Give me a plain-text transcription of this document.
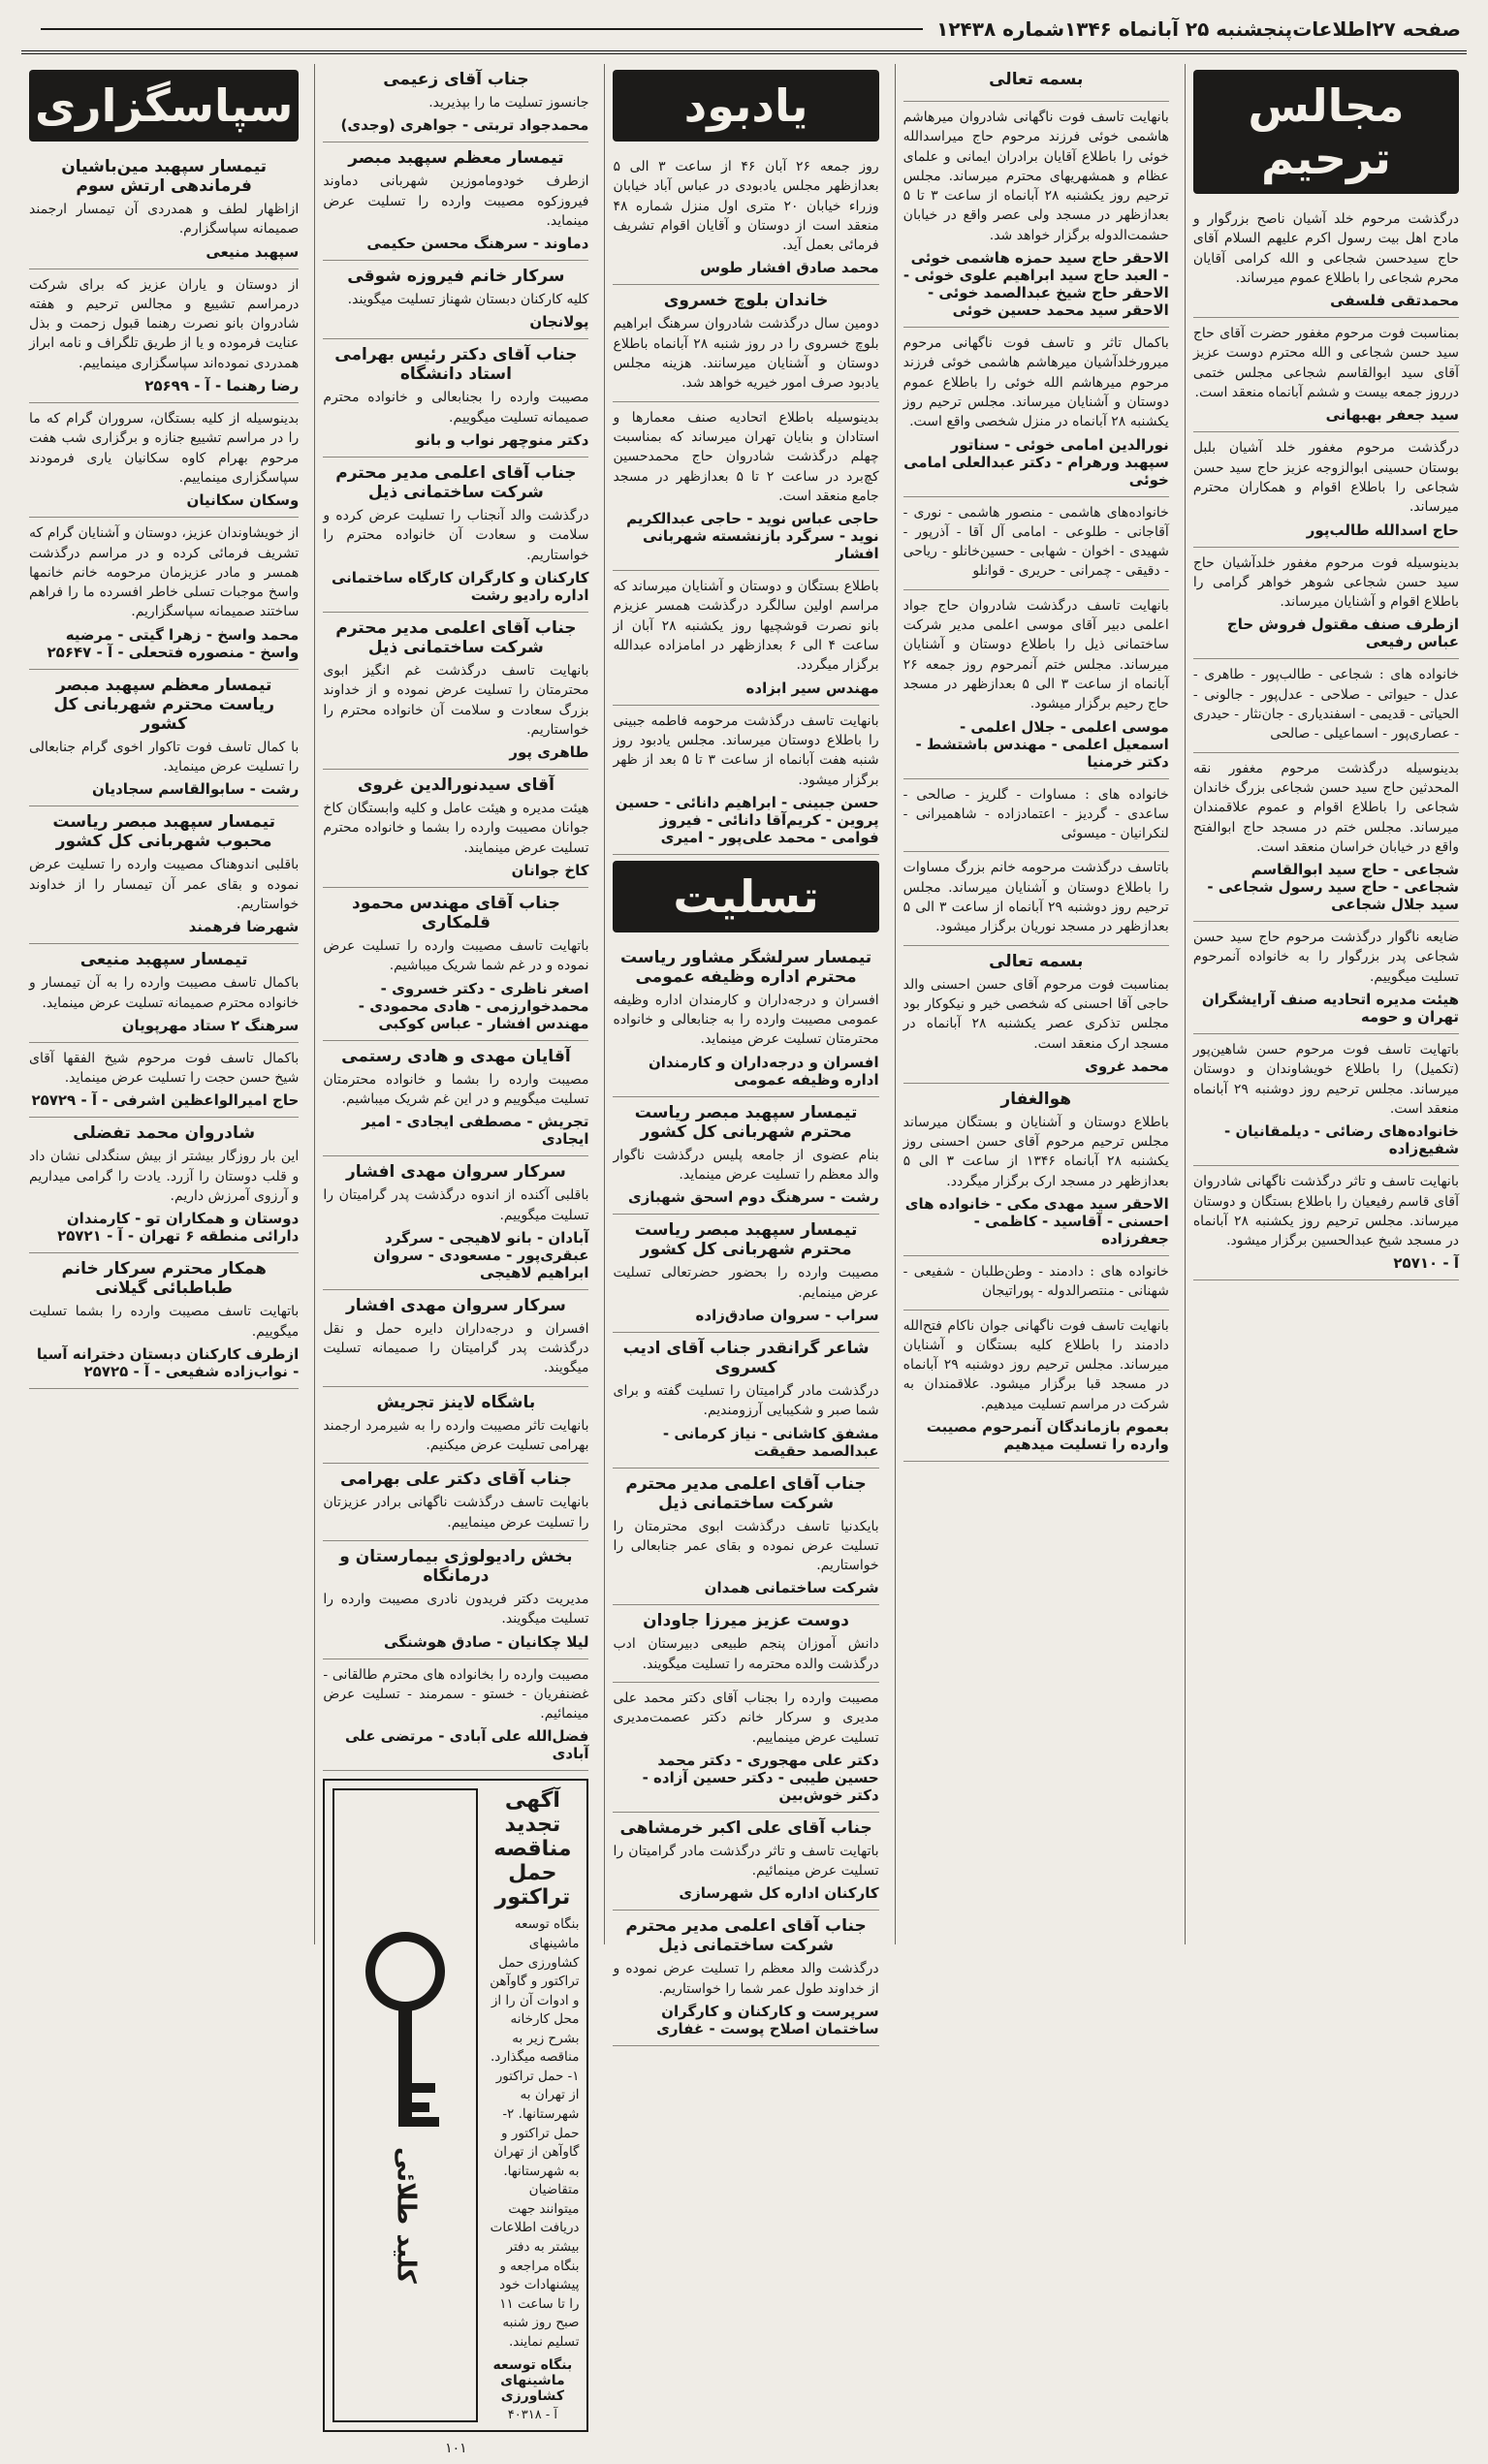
صفحه ۲۷
اطلاعات
پنجشنبه ۲۵ آبانماه ۱۳۴۶
شماره ۱۲۴۳۸
مجالس ترحیم

درگذشت مرحوم خلد آشیان ناصح بزرگوار و مادح اهل بیت رسول اکرم علیهم السلام آقای حاج سیدحسن شجاعی و الله کرامی آقایان محرم شجاعی را باطلاع عموم میرساند.

محمدتقی فلسفی

بمناسبت فوت مرحوم مغفور حضرت آقای حاج سید حسن شجاعی و الله محترم دوست عزیز آقای سید ابوالقاسم شجاعی مجلس ختمی درروز جمعه بیست و ششم آبانماه منعقد است.

سید جعفر بهبهانی

درگذشت مرحوم مغفور خلد آشیان بلبل بوستان حسینی ابوالزوجه عزیز حاج سید حسن شجاعی را باطلاع اقوام و همکاران محترم میرساند.

حاج اسدالله طالب‌پور

بدینوسیله فوت مرحوم مغفور خلدآشیان حاج سید حسن شجاعی شوهر خواهر گرامی را باطلاع اقوام و آشنایان میرساند.

ازطرف صنف مقتول فروش حاج عباس رفیعی

خانواده های : شجاعی - طالب‌پور - طاهری - عدل - حیواتی - صلاحی - عدل‌پور - جالونی - الحیاتی - قدیمی - اسفندیاری - جان‌نثار - حیدری - عصاری‌پور - اسماعیلی - صالحی

بدینوسیله درگذشت مرحوم مغفور نقه المحدثین حاج سید حسن شجاعی بزرگ خاندان شجاعی را باطلاع اقوام و عموم علاقمندان میرساند. مجلس ختم در مسجد حاج ابوالفتح واقع در خیابان خراسان منعقد است.

شجاعی - حاج سید ابوالقاسم شجاعی - حاج سید رسول شجاعی - سید جلال شجاعی

ضایعه ناگوار درگذشت مرحوم حاج سید حسن شجاعی پدر بزرگوار را به خانواده آنمرحوم تسلیت میگوییم.

هیئت مدیره اتحادیه صنف آرایشگران تهران و حومه

باتهایت تاسف فوت مرحوم حسن شاهین‌پور (تکمیل) را باطلاع خویشاوندان و دوستان میرساند. مجلس ترحیم روز دوشنبه ۲۹ آبانماه منعقد است.

خانواده‌های رضائی - دیلمقانیان - شفیع‌زاده

بانهایت تاسف و تاثر درگذشت ناگهانی شادروان آقای قاسم رفیعیان را باطلاع بستگان و دوستان میرساند. مجلس ترحیم روز یکشنبه ۲۸ آبانماه در مسجد شیخ عبدالحسین برگزار میشود.

آ - ۲۵۷۱۰
بسمه تعالی

بانهایت تاسف فوت ناگهانی شادروان میرهاشم هاشمی خوئی فرزند مرحوم حاج میراسدالله خوئی را باطلاع آقایان برادران ایمانی و علمای عظام و همشهریهای محترم میرساند. مجلس ترحیم روز یکشنبه ۲۸ آبانماه از ساعت ۳ تا ۵ بعدازظهر در مسجد ولی عصر واقع در خیابان حشمت‌الدوله برگزار خواهد شد.

الاحقر حاج سید حمزه هاشمی خوئی - العبد حاج سید ابراهیم علوی خوئی - الاحقر حاج شیخ عبدالصمد خوئی - الاحقر سید محمد حسین خوئی

باکمال تاثر و تاسف فوت ناگهانی مرحوم میرورخلدآشیان میرهاشم هاشمی خوئی فرزند مرحوم میرهاشم الله خوئی را باطلاع عموم دوستان و آشنایان میرساند. مجلس ترحیم روز یکشنبه ۲۸ آبانماه در منزل شخصی واقع است.

نورالدین امامی خوئی - سناتور سپهبد ورهرام - دکتر عبدالعلی امامی خوئی

خانواده‌های هاشمی - منصور هاشمی - نوری - آقاجانی - طلوعی - امامی آل آقا - آذرپور - شهیدی - اخوان - شهابی - حسین‌خانلو - ریاحی - دقیقی - چمرانی - حریری - قوانلو

بانهایت تاسف درگذشت شادروان حاج جواد اعلمی دبیر آقای موسی اعلمی مدیر شرکت ساختمانی ذیل را باطلاع دوستان و آشنایان میرساند. مجلس ختم آنمرحوم روز جمعه ۲۶ آبانماه از ساعت ۳ الی ۵ بعدازظهر در مسجد حاج رحیم برگزار میشود.

موسی اعلمی - جلال اعلمی - اسمعیل اعلمی - مهندس باشتشط - دکتر خرمنیا

خانواده های : مساوات - گلریز - صالحی - ساعدی - گردیز - اعتمادزاده - شاهمیرانی - لنکرانیان - میسوئی

باتاسف درگذشت مرحومه خانم بزرگ مساوات را باطلاع دوستان و آشنایان میرساند. مجلس ترحیم روز دوشنبه ۲۹ آبانماه از ساعت ۳ الی ۵ بعدازظهر در مسجد نوریان برگزار میشود.

بسمه تعالی

بمناسبت فوت مرحوم آقای حسن احسنی والد حاجی آقا احسنی که شخصی خیر و نیکوکار بود مجلس تذکری عصر یکشنبه ۲۸ آبانماه در مسجد ارک منعقد است.

محمد غروی
هوالغفار

باطلاع دوستان و آشنایان و بستگان میرساند مجلس ترحیم مرحوم آقای حسن احسنی روز یکشنبه ۲۸ آبانماه ۱۳۴۶ از ساعت ۳ الی ۵ بعدازظهر در مسجد ارک برگزار میگردد.

الاحقر سید مهدی مکی - خانواده های احسنی - آقاسید - کاظمی - جعفرزاده

خانواده های : دادمند - وطن‌طلبان - شفیعی - شهنانی - منتصرالدوله - پوراتیجان

بانهایت تاسف فوت ناگهانی جوان ناکام فتح‌الله دادمند را باطلاع کلیه بستگان و آشنایان میرساند. مجلس ترحیم روز دوشنبه ۲۹ آبانماه در مسجد قبا برگزار میشود. علاقمندان به شرکت در مراسم تسلیت میدهیم.

بعموم بازماندگان آنمرحوم مصیبت وارده را تسلیت میدهیم
یادبود

روز جمعه ۲۶ آبان ۴۶ از ساعت ۳ الی ۵ بعدازظهر مجلس یادبودی در عباس آباد خیابان وزراء خیابان ۲۰ متری اول منزل شماره ۴۸ منعقد است از دوستان و آقایان اقوام تشریف فرمائی بعمل آید.

محمد صادق افشار طوس
خاندان بلوچ خسروی

دومین سال درگذشت شادروان سرهنگ ابراهیم بلوچ خسروی را در روز شنبه ۲۸ آبانماه باطلاع دوستان و آشنایان میرسانند. هزینه مجلس یادبود صرف امور خیریه خواهد شد.

بدینوسیله باطلاع اتحادیه صنف معمارها و استادان و بنایان تهران میرساند که بمناسبت چهلم درگذشت شادروان حاج محمدحسین کچ‌برد در ساعت ۲ تا ۵ بعدازظهر در مسجد جامع منعقد است.

حاجی عباس نوید - حاجی عبدالکریم نوید - سرگرد بازنشسته شهربانی افشار

باطلاع بستگان و دوستان و آشنایان میرساند که مراسم اولین سالگرد درگذشت همسر عزیزم بانو نصرت قوشچیها روز یکشنبه ۲۸ آبان از ساعت ۴ الی ۶ بعدازظهر در امامزاده عبدالله برگزار میگردد.

مهندس سیر ابزاده

بانهایت تاسف درگذشت مرحومه فاطمه جبینی را باطلاع دوستان میرساند. مجلس یادبود روز شنبه هفت آبانماه از ساعت ۳ تا ۵ بعد از ظهر برگزار میشود.

حسن جبینی - ابراهیم دانائی - حسین پروین - کریم‌آقا دانائی - فیروز فوامی - محمد علی‌پور - امیری
تسلیت
تیمسار سرلشگر مشاور ریاست محترم اداره وظیفه عمومی

افسران و درجه‌داران و کارمندان اداره وظیفه عمومی مصیبت وارده را به جنابعالی و خانواده محترمتان تسلیت عرض مینماید.

افسران و درجه‌داران و کارمندان اداره وظیفه عمومی
تیمسار سپهبد مبصر ریاست محترم شهربانی کل کشور

بنام عضوی از جامعه پلیس درگذشت ناگوار والد معظم را تسلیت عرض مینماید.

رشت - سرهنگ دوم اسحق شهبازی
تیمسار سپهبد مبصر ریاست محترم شهربانی کل کشور

مصیبت وارده را بحضور حضرتعالی تسلیت عرض مینمایم.

سراب - سروان صادق‌زاده
شاعر گرانقدر جناب آقای ادیب کسروی

درگذشت مادر گرامیتان را تسلیت گفته و برای شما صبر و شکیبایی آرزومندیم.

مشفق کاشانی - نیاز کرمانی - عبدالصمد حقیقت
جناب آقای اعلمی مدیر محترم شرکت ساختمانی ذیل

بایکدنیا تاسف درگذشت ابوی محترمتان را تسلیت عرض نموده و بقای عمر جنابعالی را خواستاریم.

شرکت ساختمانی همدان
دوست عزیز میرزا جاودان

دانش آموزان پنجم طبیعی دبیرستان ادب درگذشت والده محترمه را تسلیت میگویند.

مصیبت وارده را بجناب آقای دکتر محمد علی مدیری و سرکار خانم دکتر عصمت‌مدیری تسلیت عرض مینماییم.

دکتر علی مهجوری - دکتر محمد حسین طیبی - دکتر حسین آزاده - دکتر خوش‌بین
جناب آقای علی اکبر خرمشاهی

باتهایت تاسف و تاثر درگذشت مادر گرامیتان را تسلیت عرض مینمائیم.

کارکنان اداره کل شهرسازی
جناب آقای اعلمی مدیر محترم شرکت ساختمانی ذیل

درگذشت والد معظم را تسلیت عرض نموده و از خداوند طول عمر شما را خواستاریم.

سرپرست و کارکنان و کارگران ساختمان اصلاح پوست - غفاری
جناب آقای زعیمی

جانسوز تسلیت ما را بپذیرید.

محمدجواد تربتی - جواهری (وجدی)
تیمسار معظم سپهبد مبصر

ازطرف خودوماموزین شهربانی دماوند فیروزکوه مصیبت وارده را تسلیت عرض مینماید.

دماوند - سرهنگ محسن حکیمی
سرکار خانم فیروزه شوقی

کلیه کارکنان دبستان شهناز تسلیت میگویند.

پولانجان
جناب آقای دکتر رئیس بهرامی استاد دانشگاه

مصیبت وارده را بجنابعالی و خانواده محترم صمیمانه تسلیت میگوییم.

دکتر منوچهر نواب و بانو
جناب آقای اعلمی مدیر محترم شرکت ساختمانی ذیل

درگذشت والد آنجناب را تسلیت عرض کرده و سلامت و سعادت آن خانواده محترم را خواستاریم.

کارکنان و کارگران کارگاه ساختمانی اداره رادیو رشت
جناب آقای اعلمی مدیر محترم شرکت ساختمانی ذیل

بانهایت تاسف درگذشت غم انگیز ابوی محترمتان را تسلیت عرض نموده و از خداوند بزرگ سعادت و سلامت آن خانواده محترم را خواستاریم.

طاهری پور
آقای سیدنورالدین غروی

هیئت مدیره و هیئت عامل و کلیه وابستگان کاخ جوانان مصیبت وارده را بشما و خانواده محترم تسلیت عرض مینمایند.

کاخ جوانان
جناب آقای مهندس محمود قلمکاری

باتهایت تاسف مصیبت وارده را تسلیت عرض نموده و در غم شما شریک میباشیم.

اصغر ناظری - دکتر خسروی - محمدخوارزمی - هادی محمودی - مهندس افشار - عباس کوکبی
آقایان مهدی و هادی رستمی

مصیبت وارده را بشما و خانواده محترمتان تسلیت میگوییم و در این غم شریک میباشیم.

تجریش - مصطفی ایجادی - امیر ایجادی
سرکار سروان مهدی افشار

باقلبی آکنده از اندوه درگذشت پدر گرامیتان را تسلیت میگوییم.

آبادان - بانو لاهیجی - سرگرد عبقری‌پور - مسعودی - سروان ابراهیم لاهیجی
سرکار سروان مهدی افشار

افسران و درجه‌داران دایره حمل و نقل درگذشت پدر گرامیتان را صمیمانه تسلیت میگویند.

باشگاه لاینز تجریش

بانهایت تاثر مصیبت وارده را به شیرمرد ارجمند بهرامی تسلیت عرض میکنیم.

جناب آقای دکتر علی بهرامی

بانهایت تاسف درگذشت ناگهانی برادر عزیزتان را تسلیت عرض مینماییم.

بخش رادیولوژی بیمارستان و درمانگاه

مدیریت دکتر فریدون نادری مصیبت وارده را تسلیت میگویند.

لیلا چکانیان - صادق هوشنگی

مصیبت وارده را بخانواده های محترم طالقانی - غضنفریان - خستو - سمرمند - تسلیت عرض مینمائیم.

فضل‌الله علی آبادی - مرتضی علی آبادی
آگهی تجدید مناقصه حمل تراکتور

بنگاه توسعه ماشینهای کشاورزی حمل تراکتور و گاوآهن و ادوات آن را از محل کارخانه بشرح زیر به مناقصه میگذارد. ۱- حمل تراکتور از تهران به شهرستانها. ۲- حمل تراکتور و گاوآهن از تهران به شهرستانها. متقاضیان میتوانند جهت دریافت اطلاعات بیشتر به دفتر بنگاه مراجعه و پیشنهادات خود را تا ساعت ۱۱ صبح روز شنبه تسلیم نمایند.

بنگاه توسعه ماشینهای کشاورزی
آ - ۴۰۳۱۸
کلید طلائی
۱۰۱
سپاسگزاری
تیمسار سپهبد مین‌باشیان فرماندهی ارتش سوم

ازاظهار لطف و همدردی آن تیمسار ارجمند صمیمانه سپاسگزارم.

سپهبد منیعی

از دوستان و یاران عزیز که برای شرکت درمراسم تشییع و مجالس ترحیم و هفته شادروان بانو نصرت رهنما قبول زحمت و بذل عنایت فرموده و یا از طریق تلگراف و نامه ابراز همدردی نموده‌اند سپاسگزاری مینماییم.

رضا رهنما - آ - ۲۵۶۹۹

بدینوسیله از کلیه بستگان، سروران گرام که ما را در مراسم تشییع جنازه و برگزاری شب هفت مرحوم بهرام کاوه سکانیان یاری فرمودند سپاسگزاری مینماییم.

وسکان سکانیان

از خویشاوندان عزیز، دوستان و آشنایان گرام که تشریف فرمائی کرده و در مراسم درگذشت همسر و مادر عزیزمان مرحومه خانم خانمها واسخ موجبات تسلی خاطر افسرده ما را فراهم ساختند صمیمانه سپاسگزاریم.

محمد واسخ - زهرا گیتی - مرضیه واسخ - منصوره فتحعلی - آ - ۲۵۶۴۷
تیمسار معظم سپهبد مبصر ریاست محترم شهربانی کل کشور

با کمال تاسف فوت تاکوار اخوی گرام جنابعالی را تسلیت عرض مینماید.

رشت - سابوالقاسم سجادیان
تیمسار سپهبد مبصر ریاست محبوب شهربانی کل کشور

باقلبی اندوهناک مصیبت وارده را تسلیت عرض نموده و بقای عمر آن تیمسار را از خداوند خواستاریم.

شهرضا فرهمند
تیمسار سپهبد منیعی

باکمال تاسف مصیبت وارده را به آن تیمسار و خانواده محترم صمیمانه تسلیت عرض مینماید.

سرهنگ ۲ ستاد مهرپویان

باکمال تاسف فوت مرحوم شیخ الفقها آقای شیخ حسن حجت را تسلیت عرض مینماید.

حاج امیرالواعظین اشرفی - آ - ۲۵۷۲۹
شادروان محمد تفضلی

این بار روزگار بیشتر از بیش سنگدلی نشان داد و قلب دوستان را آزرد. یادت را گرامی میداریم و آرزوی آمرزش داریم.

دوستان و همکاران تو - کارمندان دارائی منطقه ۶ تهران - آ - ۲۵۷۲۱
همکار محترم سرکار خانم طباطبائی گیلانی

باتهایت تاسف مصیبت وارده را بشما تسلیت میگوییم.

ازطرف کارکنان دبستان دخترانه آسیا - نواب‌زاده شفیعی - آ - ۲۵۷۲۵
